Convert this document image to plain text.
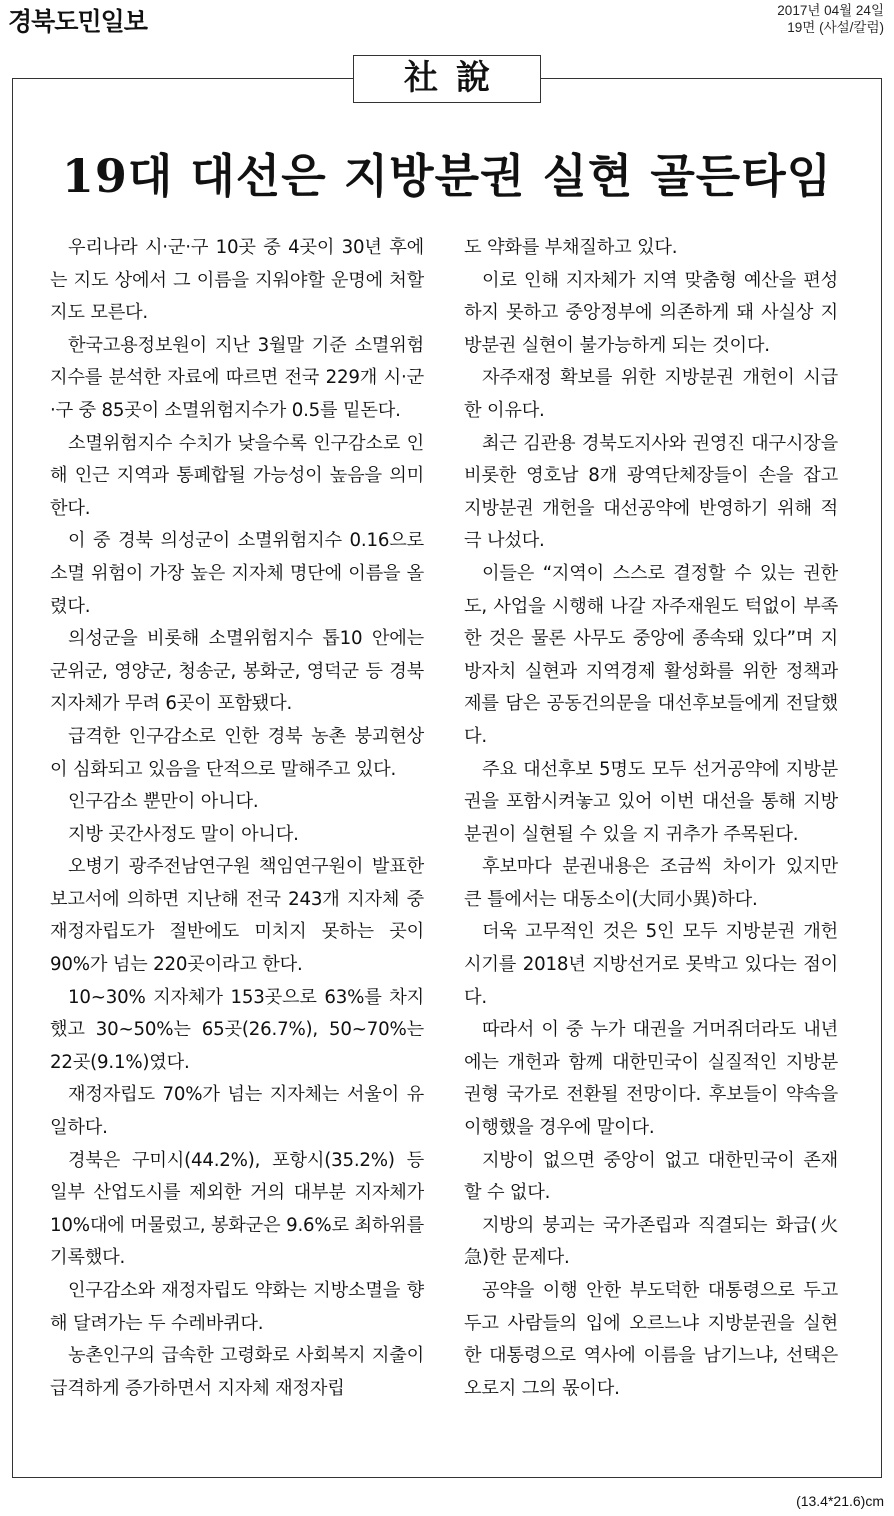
경북도민일보	2017년 04월 24일
19면 (사설/칼럼)
社說
19대 대선은 지방분권 실현 골든타임

우리나라 시·군·구 10곳 중 4곳이 30년 후에는 지도 상에서 그 이름을 지워야할 운명에 처할 지도 모른다.

한국고용정보원이 지난 3월말 기준 소멸위험지수를 분석한 자료에 따르면 전국 229개 시·군·구 중 85곳이 소멸위험지수가 0.5를 밑돈다.

소멸위험지수 수치가 낮을수록 인구감소로 인해 인근 지역과 통폐합될 가능성이 높음을 의미한다.

이 중 경북 의성군이 소멸위험지수 0.16으로 소멸 위험이 가장 높은 지자체 명단에 이름을 올렸다.

의성군을 비롯해 소멸위험지수 톱10 안에는 군위군, 영양군, 청송군, 봉화군, 영덕군 등 경북 지자체가 무려 6곳이 포함됐다.

급격한 인구감소로 인한 경북 농촌 붕괴현상이 심화되고 있음을 단적으로 말해주고 있다.

인구감소 뿐만이 아니다.

지방 곳간사정도 말이 아니다.

오병기 광주전남연구원 책임연구원이 발표한 보고서에 의하면 지난해 전국 243개 지자체 중 재정자립도가 절반에도 미치지 못하는 곳이 90%가 넘는 220곳이라고 한다.

10~30% 지자체가 153곳으로 63%를 차지했고 30~50%는 65곳(26.7%), 50~70%는 22곳(9.1%)였다.

재정자립도 70%가 넘는 지자체는 서울이 유일하다.

경북은 구미시(44.2%), 포항시(35.2%) 등 일부 산업도시를 제외한 거의 대부분 지자체가 10%대에 머물렀고, 봉화군은 9.6%로 최하위를 기록했다.

인구감소와 재정자립도 약화는 지방소멸을 향해 달려가는 두 수레바퀴다.

농촌인구의 급속한 고령화로 사회복지 지출이 급격하게 증가하면서 지자체 재정자립

도 약화를 부채질하고 있다.

이로 인해 지자체가 지역 맞춤형 예산을 편성하지 못하고 중앙정부에 의존하게 돼 사실상 지방분권 실현이 불가능하게 되는 것이다.

자주재정 확보를 위한 지방분권 개헌이 시급한 이유다.

최근 김관용 경북도지사와 권영진 대구시장을 비롯한 영호남 8개 광역단체장들이 손을 잡고 지방분권 개헌을 대선공약에 반영하기 위해 적극 나섰다.

이들은 “지역이 스스로 결정할 수 있는 권한도, 사업을 시행해 나갈 자주재원도 턱없이 부족한 것은 물론 사무도 중앙에 종속돼 있다”며 지방자치 실현과 지역경제 활성화를 위한 정책과제를 담은 공동건의문을 대선후보들에게 전달했다.

주요 대선후보 5명도 모두 선거공약에 지방분권을 포함시켜놓고 있어 이번 대선을 통해 지방분권이 실현될 수 있을 지 귀추가 주목된다.

후보마다 분권내용은 조금씩 차이가 있지만 큰 틀에서는 대동소이(大同小異)하다.

더욱 고무적인 것은 5인 모두 지방분권 개헌시기를 2018년 지방선거로 못박고 있다는 점이다.

따라서 이 중 누가 대권을 거머쥐더라도 내년에는 개헌과 함께 대한민국이 실질적인 지방분권형 국가로 전환될 전망이다. 후보들이 약속을 이행했을 경우에 말이다.

지방이 없으면 중앙이 없고 대한민국이 존재할 수 없다.

지방의 붕괴는 국가존립과 직결되는 화급(火急)한 문제다.

공약을 이행 안한 부도덕한 대통령으로 두고두고 사람들의 입에 오르느냐 지방분권을 실현한 대통령으로 역사에 이름을 남기느냐, 선택은 오로지 그의 몫이다.

(13.4*21.6)cm
